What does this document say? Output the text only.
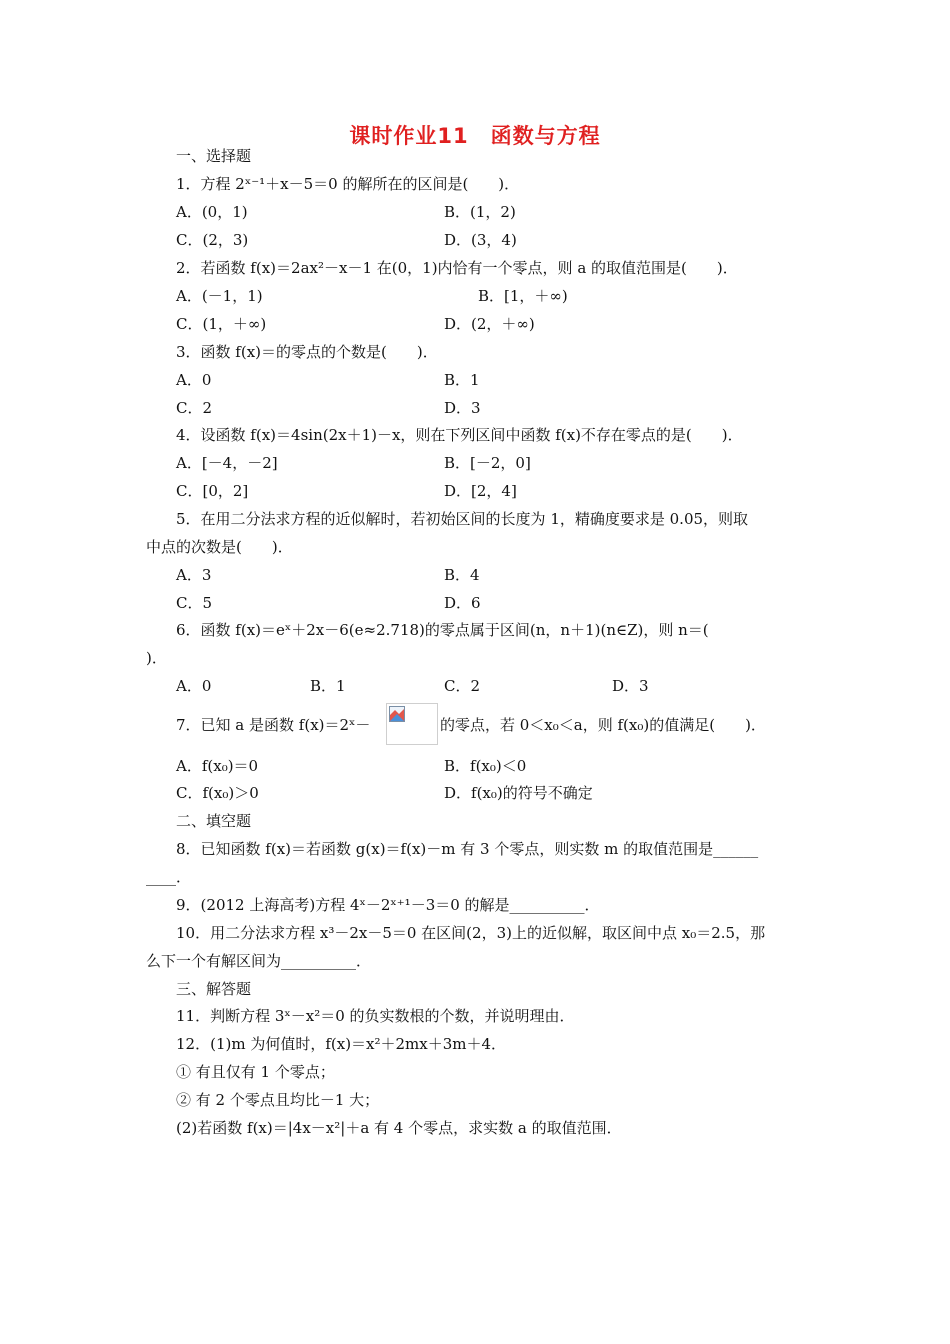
课时作业11　函数与方程
一、选择题
1．方程 2ˣ⁻¹＋x－5＝0 的解所在的区间是(　　)．
A．(0，1)	B．(1，2)
C．(2，3)	D．(3，4)
2．若函数 f(x)＝2ax²－x－1 在(0，1)内恰有一个零点，则 a 的取值范围是(　　)．
A．(－1，1)	B．[1，＋∞)
C．(1，＋∞)	D．(2，＋∞)
3．函数 f(x)＝的零点的个数是(　　)．
A．0	B．1
C．2	D．3
4．设函数 f(x)＝4sin(2x＋1)－x，则在下列区间中函数 f(x)不存在零点的是(　　)．
A．[－4，－2]	B．[－2，0]
C．[0，2]	D．[2，4]
5．在用二分法求方程的近似解时，若初始区间的长度为 1，精确度要求是 0.05，则取
中点的次数是(　　)．
A．3	B．4
C．5	D．6
6．函数 f(x)＝eˣ＋2x－6(e≈2.718)的零点属于区间(n，n＋1)(n∈Z)，则 n＝(
)．
A．0	B．1	C．2	D．3
7．已知 a 是函数 f(x)＝2ˣ－	的零点，若 0＜x₀＜a，则 f(x₀)的值满足(　　)．
A．f(x₀)＝0	B．f(x₀)＜0
C．f(x₀)＞0	D．f(x₀)的符号不确定
二、填空题
8．已知函数 f(x)＝若函数 g(x)＝f(x)－m 有 3 个零点，则实数 m 的取值范围是______
____．
9．(2012 上海高考)方程 4ˣ－2ˣ⁺¹－3＝0 的解是__________．
10．用二分法求方程 x³－2x－5＝0 在区间(2，3)上的近似解，取区间中点 x₀＝2.5，那
么下一个有解区间为__________．
三、解答题
11．判断方程 3ˣ－x²＝0 的负实数根的个数，并说明理由．
12．(1)m 为何值时，f(x)＝x²＋2mx＋3m＋4．
① 有且仅有 1 个零点；
② 有 2 个零点且均比－1 大；
(2)若函数 f(x)＝|4x－x²|＋a 有 4 个零点，求实数 a 的取值范围．
